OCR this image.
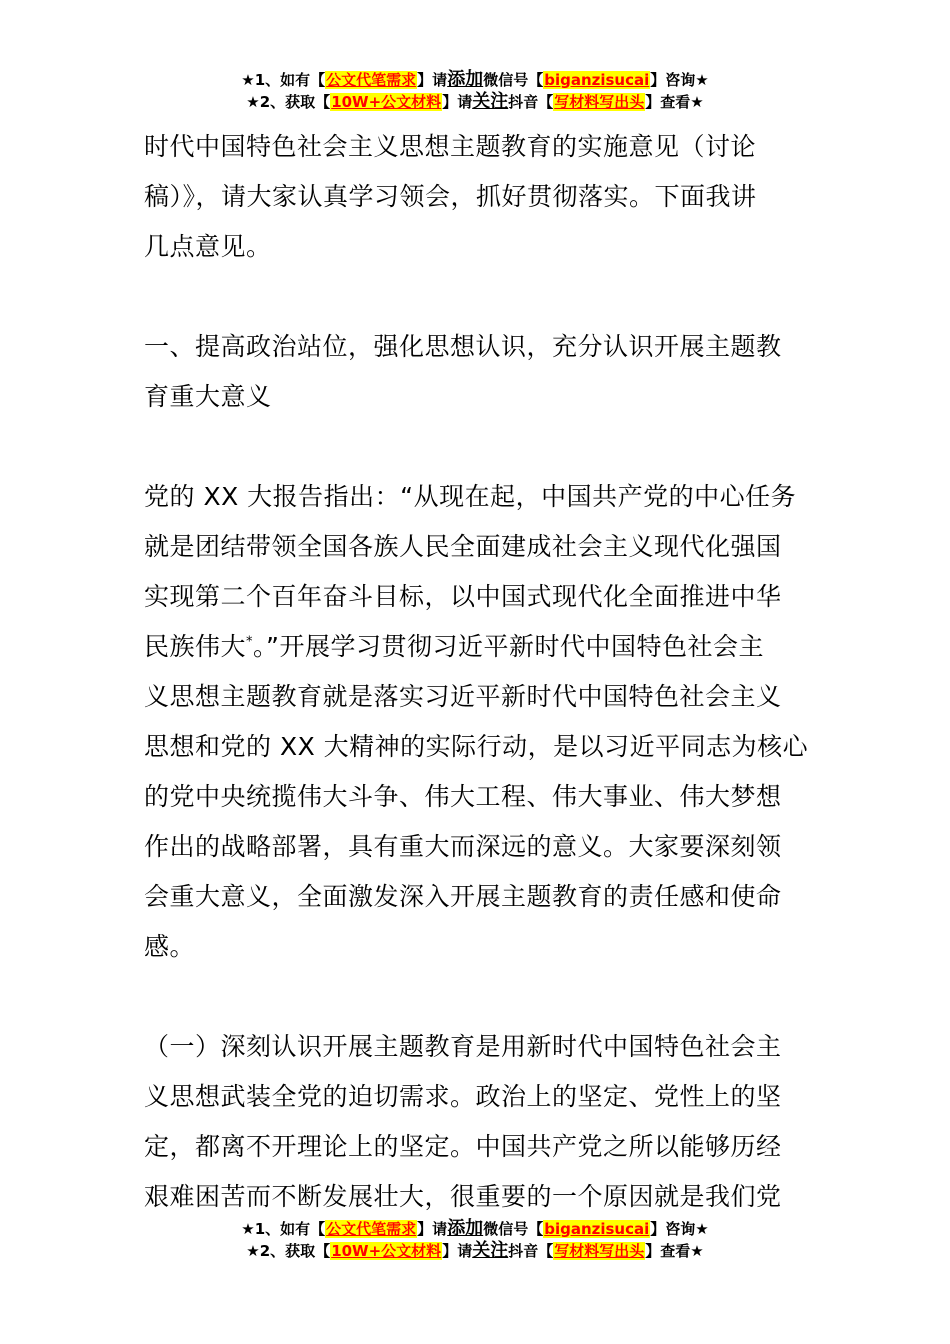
★1、如有【公文代笔需求】请添加微信号【biganzisucai】咨询★
★2、获取【10W+公文材料】请关注抖音【写材料写出头】查看★
时代中国特色社会主义思想主题教育的实施意见（讨论
稿）》，请大家认真学习领会，抓好贯彻落实。下面我讲
几点意见。
一、提高政治站位，强化思想认识，充分认识开展主题教
育重大意义
党的 XX 大报告指出：“从现在起，中国共产党的中心任务
就是团结带领全国各族人民全面建成社会主义现代化强国
实现第二个百年奋斗目标，以中国式现代化全面推进中华
民族伟大*。”开展学习贯彻习近平新时代中国特色社会主
义思想主题教育就是落实习近平新时代中国特色社会主义
思想和党的 XX 大精神的实际行动，是以习近平同志为核心
的党中央统揽伟大斗争、伟大工程、伟大事业、伟大梦想
作出的战略部署，具有重大而深远的意义。大家要深刻领
会重大意义，全面激发深入开展主题教育的责任感和使命
感。
（一）深刻认识开展主题教育是用新时代中国特色社会主
义思想武装全党的迫切需求。政治上的坚定、党性上的坚
定，都离不开理论上的坚定。中国共产党之所以能够历经
艰难困苦而不断发展壮大，很重要的一个原因就是我们党
★1、如有【公文代笔需求】请添加微信号【biganzisucai】咨询★
★2、获取【10W+公文材料】请关注抖音【写材料写出头】查看★
